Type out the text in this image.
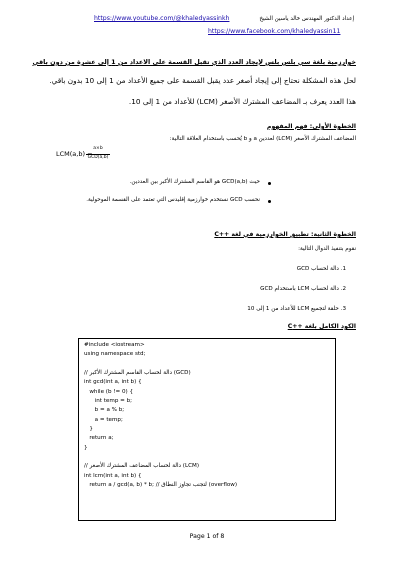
إعداد الدكتور المهندس خالد ياسين الشيخ
https://www.youtube.com/@khaledyassinkh
https://www.facebook.com/khaledyassin11
خوارزمية بلغة سي بلس بلس لإيجاد العدد الذي تقبل القسمة على الاعداد من 1 إلى عشرة من دون باقي
لحل هذه المشكلة نحتاج إلى إيجاد أصغر عدد يقبل القسمة على جميع الأعداد من 1 إلى 10 بدون باقي.
هذا العدد يعرف بـ المضاعف المشترك الأصغر (LCM) للأعداد من 1 إلى 10.
الخطوة الأولى: فهم المفهوم
المضاعف المشترك الأصغر (LCM) لعددين a و b يُحسب باستخدام العلاقة التالية:
LCM(a,b) =
a×b
GCD(a,b)
حيث GCD(a,b) هو القاسم المشترك الأكبر بين العددين.
نحسب GCD نستخدم خوارزمية إقليدس التي تعتمد على القسمة الموحولية.
الخطوة الثانية: تطبيق الخوارزمية في لغة ++C
نقوم بتنفيذ الدوال التالية:
1. دالة لحساب GCD
2. دالة لحساب LCM باستخدام GCD
3. حلقة لتجميع LCM للأعداد من 1 إلى 10
الكود الكامل بلغة ++C
#include <iostream>
using namespace std;
// دالة لحساب القاسم المشترك الأكبر (GCD)
int gcd(int a, int b) {
while (b != 0) {
int temp = b;
b = a % b;
a = temp;
}
return a;
}
// دالة لحساب المضاعف المشترك الأصغر (LCM)
int lcm(int a, int b) {
return a / gcd(a, b) * b; // لتجنب تجاوز النطاق (overflow)
Page 1 of 8
